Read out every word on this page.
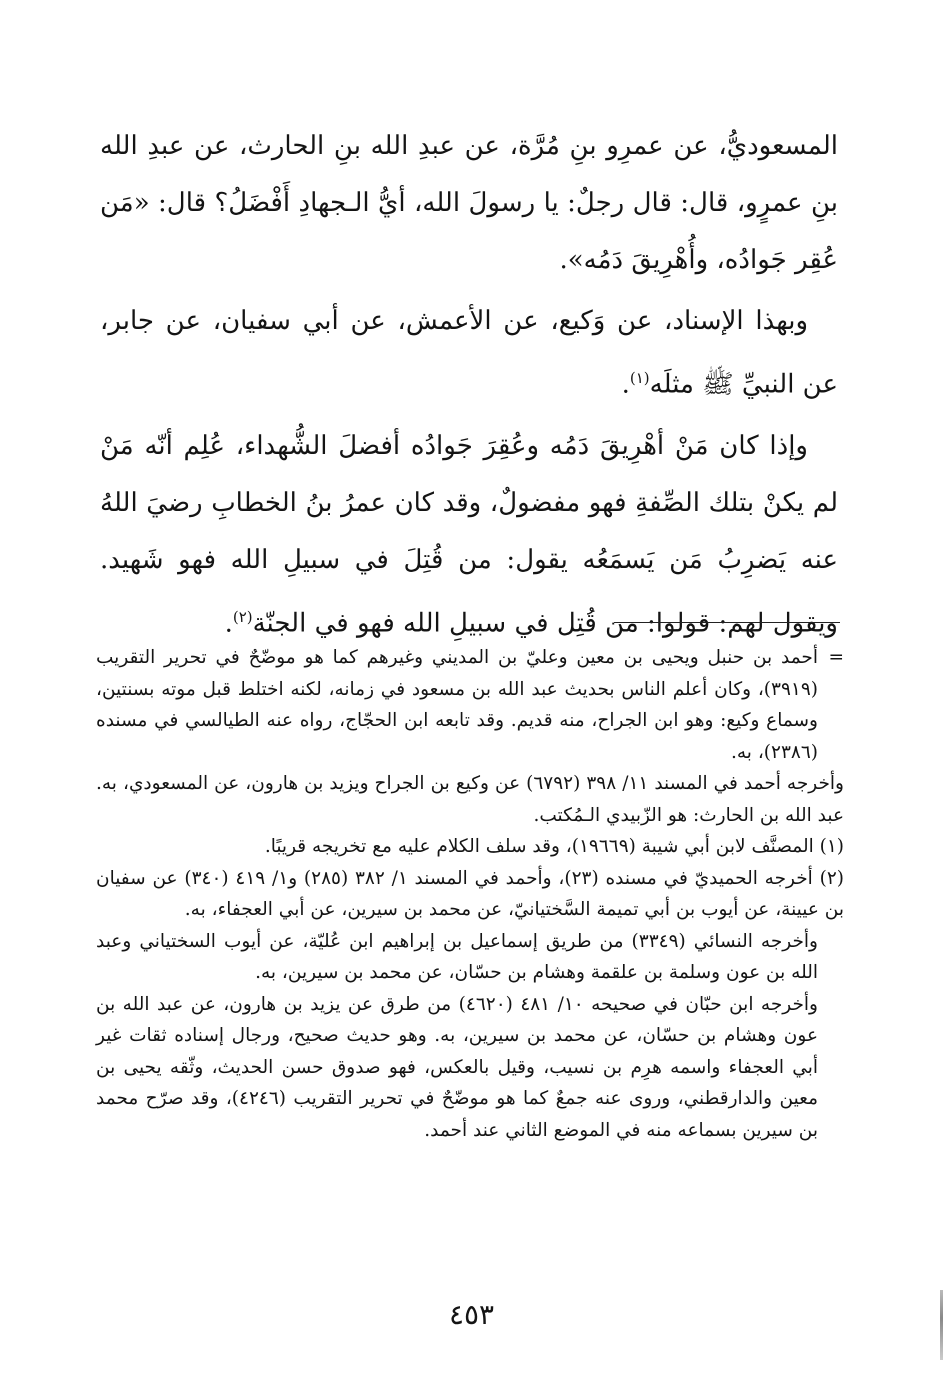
المسعوديُّ، عن عمرِو بنِ مُرَّة، عن عبدِ الله بنِ الحارث، عن عبدِ الله بنِ عمرٍو، قال: قال رجلٌ: يا رسولَ الله، أيُّ الـجهادِ أَفْضَلُ؟ قال: «مَن عُقِر جَوادُه، وأُهْرِيقَ دَمُه».

وبهذا الإسناد، عن وَكيع، عن الأعمش، عن أبي سفيان، عن جابر، عن النبيِّ ﷺ مثلَه$^{(١)}$.

وإذا كان مَنْ أهْرِيقَ دَمُه وعُقِرَ جَوادُه أفضلَ الشُّهداء، عُلِم أنّه مَنْ لم يكنْ بتلك الصِّفةِ فهو مفضولٌ، وقد كان عمرُ بنُ الخطابِ رضيَ اللهُ عنه يَضرِبُ مَن يَسمَعُه يقول: من قُتِلَ في سبيلِ الله فهو شَهيد. ويقول لهم: قولوا: من قُتِل في سبيلِ الله فهو في الجنّة$^{(٢)}$.

=أحمد بن حنبل ويحيى بن معين وعليّ بن المديني وغيرهم كما هو موضّحٌ في تحرير التقريب (٣٩١٩)، وكان أعلم الناس بحديث عبد الله بن مسعود في زمانه، لكنه اختلط قبل موته بسنتين، وسماع وكيع: وهو ابن الجراح، منه قديم. وقد تابعه ابن الحجّاج، رواه عنه الطيالسي في مسنده (٢٣٨٦)، به.

وأخرجه أحمد في المسند ١١/ ٣٩٨ (٦٧٩٢) عن وكيع بن الجراح ويزيد بن هارون، عن المسعودي، به. عبد الله بن الحارث: هو الزّبيدي الـمُكتب.

(١) المصنَّف لابن أبي شيبة (١٩٦٦٩)، وقد سلف الكلام عليه مع تخريجه قريبًا.

(٢) أخرجه الحميديّ في مسنده (٢٣)، وأحمد في المسند ١/ ٣٨٢ (٢٨٥) و١/ ٤١٩ (٣٤٠) عن سفيان بن عيينة، عن أيوب بن أبي تميمة السَّختيانيّ، عن محمد بن سيرين، عن أبي العجفاء، به.

وأخرجه النسائي (٣٣٤٩) من طريق إسماعيل بن إبراهيم ابن عُليّة، عن أيوب السختياني وعبد الله بن عون وسلمة بن علقمة وهشام بن حسّان، عن محمد بن سيرين، به.

وأخرجه ابن حبّان في صحيحه ١٠/ ٤٨١ (٤٦٢٠) من طرق عن يزيد بن هارون، عن عبد الله بن عون وهشام بن حسّان، عن محمد بن سيرين، به. وهو حديث صحيح، ورجال إسناده ثقات غير أبي العجفاء واسمه هرِم بن نسيب، وقيل بالعكس، فهو صدوق حسن الحديث، وثّقه يحيى بن معين والدارقطني، وروى عنه جمعٌ كما هو موضّحٌ في تحرير التقريب (٤٢٤٦)، وقد صرّح محمد بن سيرين بسماعه منه في الموضع الثاني عند أحمد.

٤٥٣
